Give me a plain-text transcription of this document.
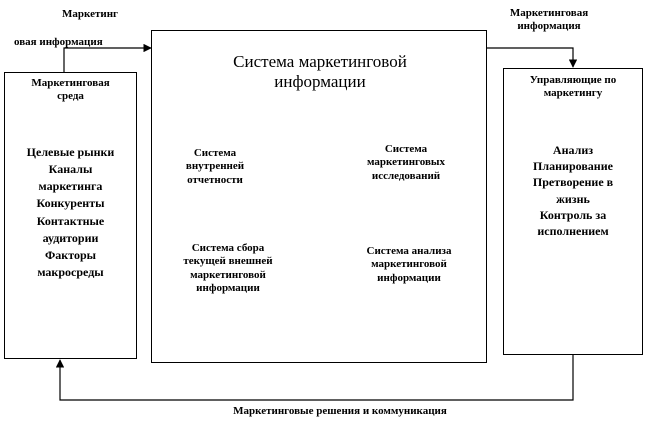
Маркетинг
овая информация
Маркетинговая
информация
Маркетинговые решения и коммуникация
Маркетинговая
среда
Целевые рынки
Каналы
маркетинга
Конкуренты
Контактные
аудитории
Факторы
макросреды
Система маркетинговой
информации
Система
внутренней
отчетности
Система
маркетинговых
исследований
Система сбора
текущей внешней
маркетинговой
информации
Система анализа
маркетинговой
информации
Управляющие по
маркетингу
Анализ
Планирование
Претворение в
жизнь
Контроль за
исполнением
